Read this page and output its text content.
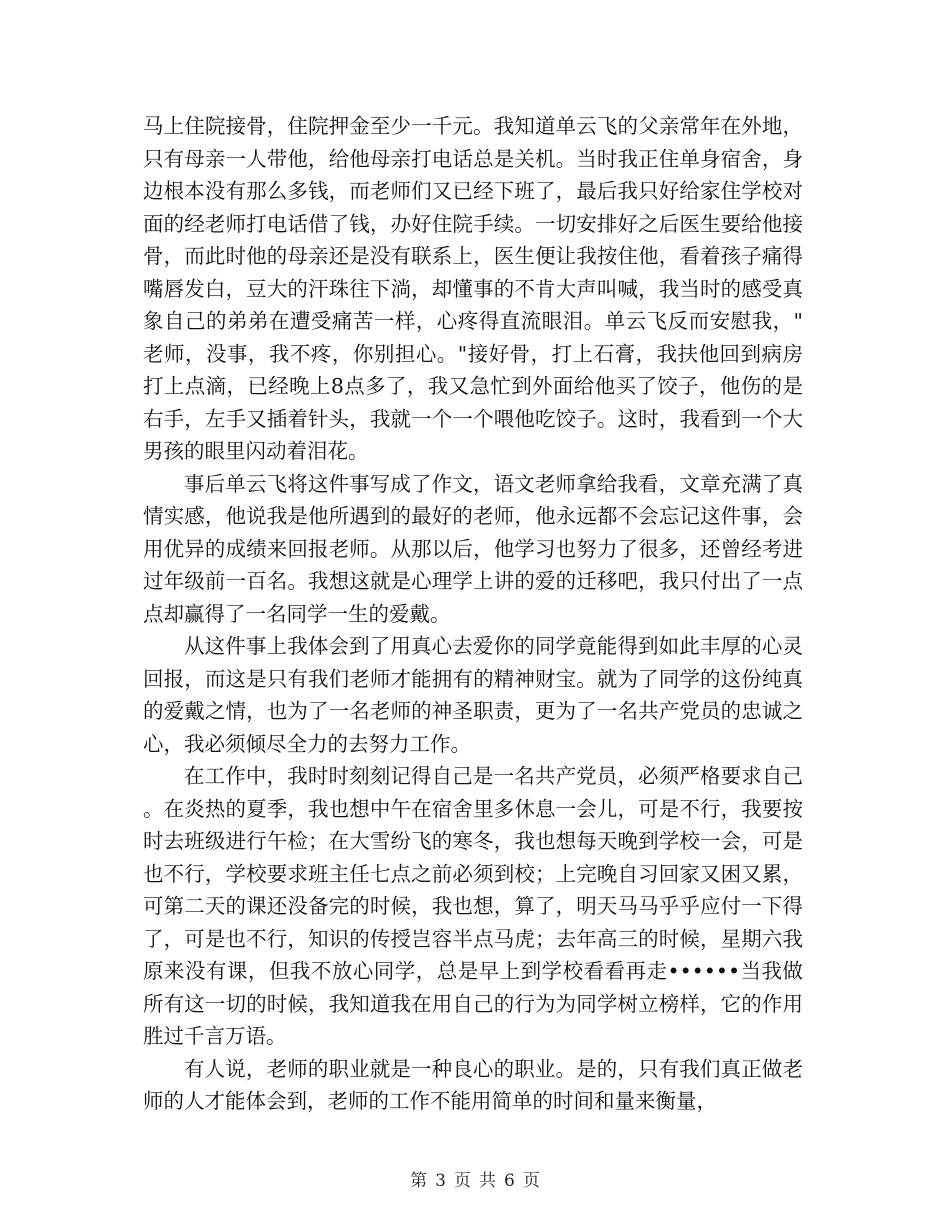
马上住院接骨，住院押金至少一千元。我知道单云飞的父亲常年在外地，只有母亲一人带他，给他母亲打电话总是关机。当时我正住单身宿舍，身边根本没有那么多钱，而老师们又已经下班了，最后我只好给家住学校对面的经老师打电话借了钱，办好住院手续。一切安排好之后医生要给他接骨，而此时他的母亲还是没有联系上，医生便让我按住他，看着孩子痛得嘴唇发白，豆大的汗珠往下淌，却懂事的不肯大声叫喊，我当时的感受真象自己的弟弟在遭受痛苦一样，心疼得直流眼泪。单云飞反而安慰我，"老师，没事，我不疼，你别担心。"接好骨，打上石膏，我扶他回到病房打上点滴，已经晚上8点多了，我又急忙到外面给他买了饺子，他伤的是右手，左手又插着针头，我就一个一个喂他吃饺子。这时，我看到一个大男孩的眼里闪动着泪花。

事后单云飞将这件事写成了作文，语文老师拿给我看，文章充满了真情实感，他说我是他所遇到的最好的老师，他永远都不会忘记这件事，会用优异的成绩来回报老师。从那以后，他学习也努力了很多，还曾经考进过年级前一百名。我想这就是心理学上讲的爱的迁移吧，我只付出了一点点却赢得了一名同学一生的爱戴。

从这件事上我体会到了用真心去爱你的同学竟能得到如此丰厚的心灵回报，而这是只有我们老师才能拥有的精神财宝。就为了同学的这份纯真的爱戴之情，也为了一名老师的神圣职责，更为了一名共产党员的忠诚之心，我必须倾尽全力的去努力工作。

在工作中，我时时刻刻记得自己是一名共产党员，必须严格要求自己。在炎热的夏季，我也想中午在宿舍里多休息一会儿，可是不行，我要按时去班级进行午检；在大雪纷飞的寒冬，我也想每天晚到学校一会，可是也不行，学校要求班主任七点之前必须到校；上完晚自习回家又困又累，可第二天的课还没备完的时候，我也想，算了，明天马马乎乎应付一下得了，可是也不行，知识的传授岂容半点马虎；去年高三的时候，星期六我原来没有课，但我不放心同学，总是早上到学校看看再走••••••当我做所有这一切的时候，我知道我在用自己的行为为同学树立榜样，它的作用胜过千言万语。

有人说，老师的职业就是一种良心的职业。是的，只有我们真正做老师的人才能体会到，老师的工作不能用简单的时间和量来衡量，

第 3 页 共 6 页
